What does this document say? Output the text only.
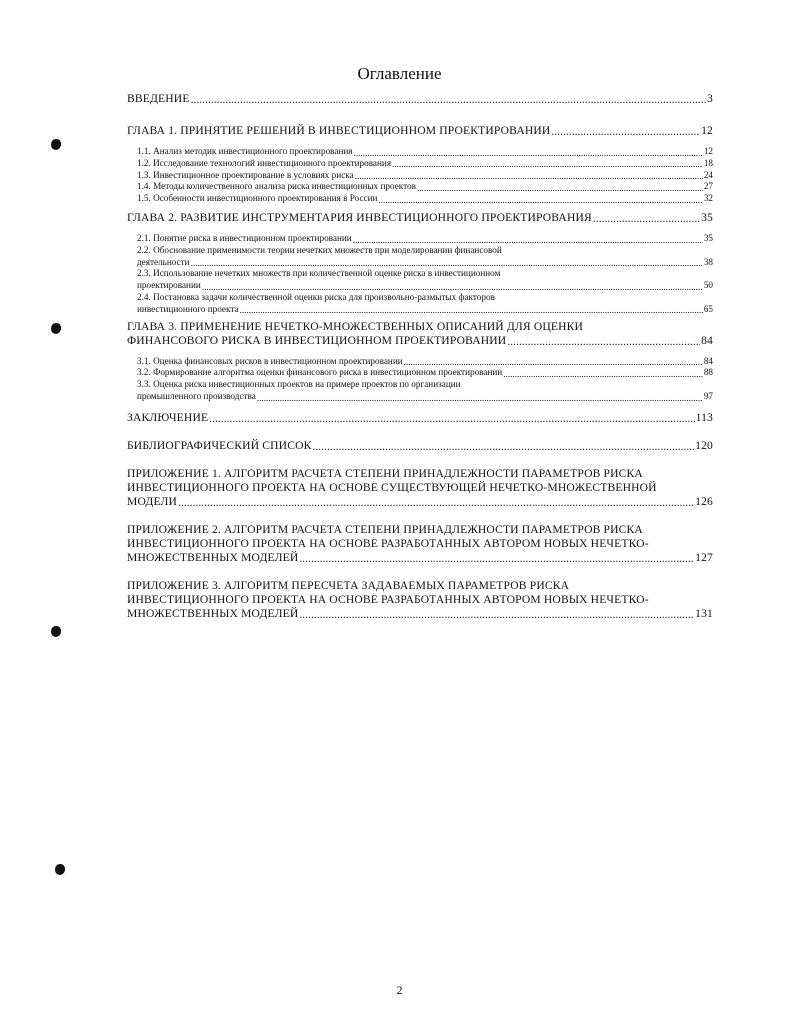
Оглавление
ВВЕДЕНИЕ .....	3
ГЛАВА 1. ПРИНЯТИЕ РЕШЕНИЙ В ИНВЕСТИЦИОННОМ ПРОЕКТИРОВАНИИ .....	12
1.1. Анализ методик инвестиционного проектирования .....	12
1.2. Исследование технологий инвестиционного проектирования .....	18
1.3. Инвестиционное проектирование в условиях риска .....	24
1.4. Методы количественного анализа риска инвестиционных проектов .....	27
1.5. Особенности инвестиционного проектирования в России .....	32
ГЛАВА 2. РАЗВИТИЕ ИНСТРУМЕНТАРИЯ ИНВЕСТИЦИОННОГО ПРОЕКТИРОВАНИЯ .....	35
2.1. Понятие риска в инвестиционном проектировании .....	35
2.2. Обоснование применимости теории нечетких множеств при моделировании финансовой
деятельности .....	38
2.3. Использование нечетких множеств при количественной оценке риска в инвестиционном
проектировании .....	50
2.4. Постановка задачи количественной оценки риска для произвольно-размытых факторов
инвестиционного проекта .....	65
ГЛАВА 3. ПРИМЕНЕНИЕ НЕЧЕТКО-МНОЖЕСТВЕННЫХ ОПИСАНИЙ ДЛЯ ОЦЕНКИ
ФИНАНСОВОГО РИСКА В ИНВЕСТИЦИОННОМ ПРОЕКТИРОВАНИИ .....	84
3.1. Оценка финансовых рисков в инвестиционном проектировании .....	84
3.2. Формирование алгоритма оценки финансового риска в инвестиционном проектировании .....	88
3.3. Оценка риска инвестиционных проектов на примере проектов по организации
промышленного производства .....	97
ЗАКЛЮЧЕНИЕ .....	113
БИБЛИОГРАФИЧЕСКИЙ СПИСОК .....	120
ПРИЛОЖЕНИЕ 1. АЛГОРИТМ РАСЧЕТА СТЕПЕНИ ПРИНАДЛЕЖНОСТИ ПАРАМЕТРОВ РИСКА
ИНВЕСТИЦИОННОГО ПРОЕКТА НА ОСНОВЕ СУЩЕСТВУЮЩЕЙ НЕЧЕТКО-МНОЖЕСТВЕННОЙ
МОДЕЛИ .....	126
ПРИЛОЖЕНИЕ 2. АЛГОРИТМ РАСЧЕТА СТЕПЕНИ ПРИНАДЛЕЖНОСТИ ПАРАМЕТРОВ РИСКА
ИНВЕСТИЦИОННОГО ПРОЕКТА НА ОСНОВЕ РАЗРАБОТАННЫХ АВТОРОМ НОВЫХ НЕЧЕТКО-
МНОЖЕСТВЕННЫХ МОДЕЛЕЙ .....	127
ПРИЛОЖЕНИЕ 3. АЛГОРИТМ ПЕРЕСЧЕТА ЗАДАВАЕМЫХ ПАРАМЕТРОВ РИСКА
ИНВЕСТИЦИОННОГО ПРОЕКТА НА ОСНОВЕ РАЗРАБОТАННЫХ АВТОРОМ НОВЫХ НЕЧЕТКО-
МНОЖЕСТВЕННЫХ МОДЕЛЕЙ .....	131
2
